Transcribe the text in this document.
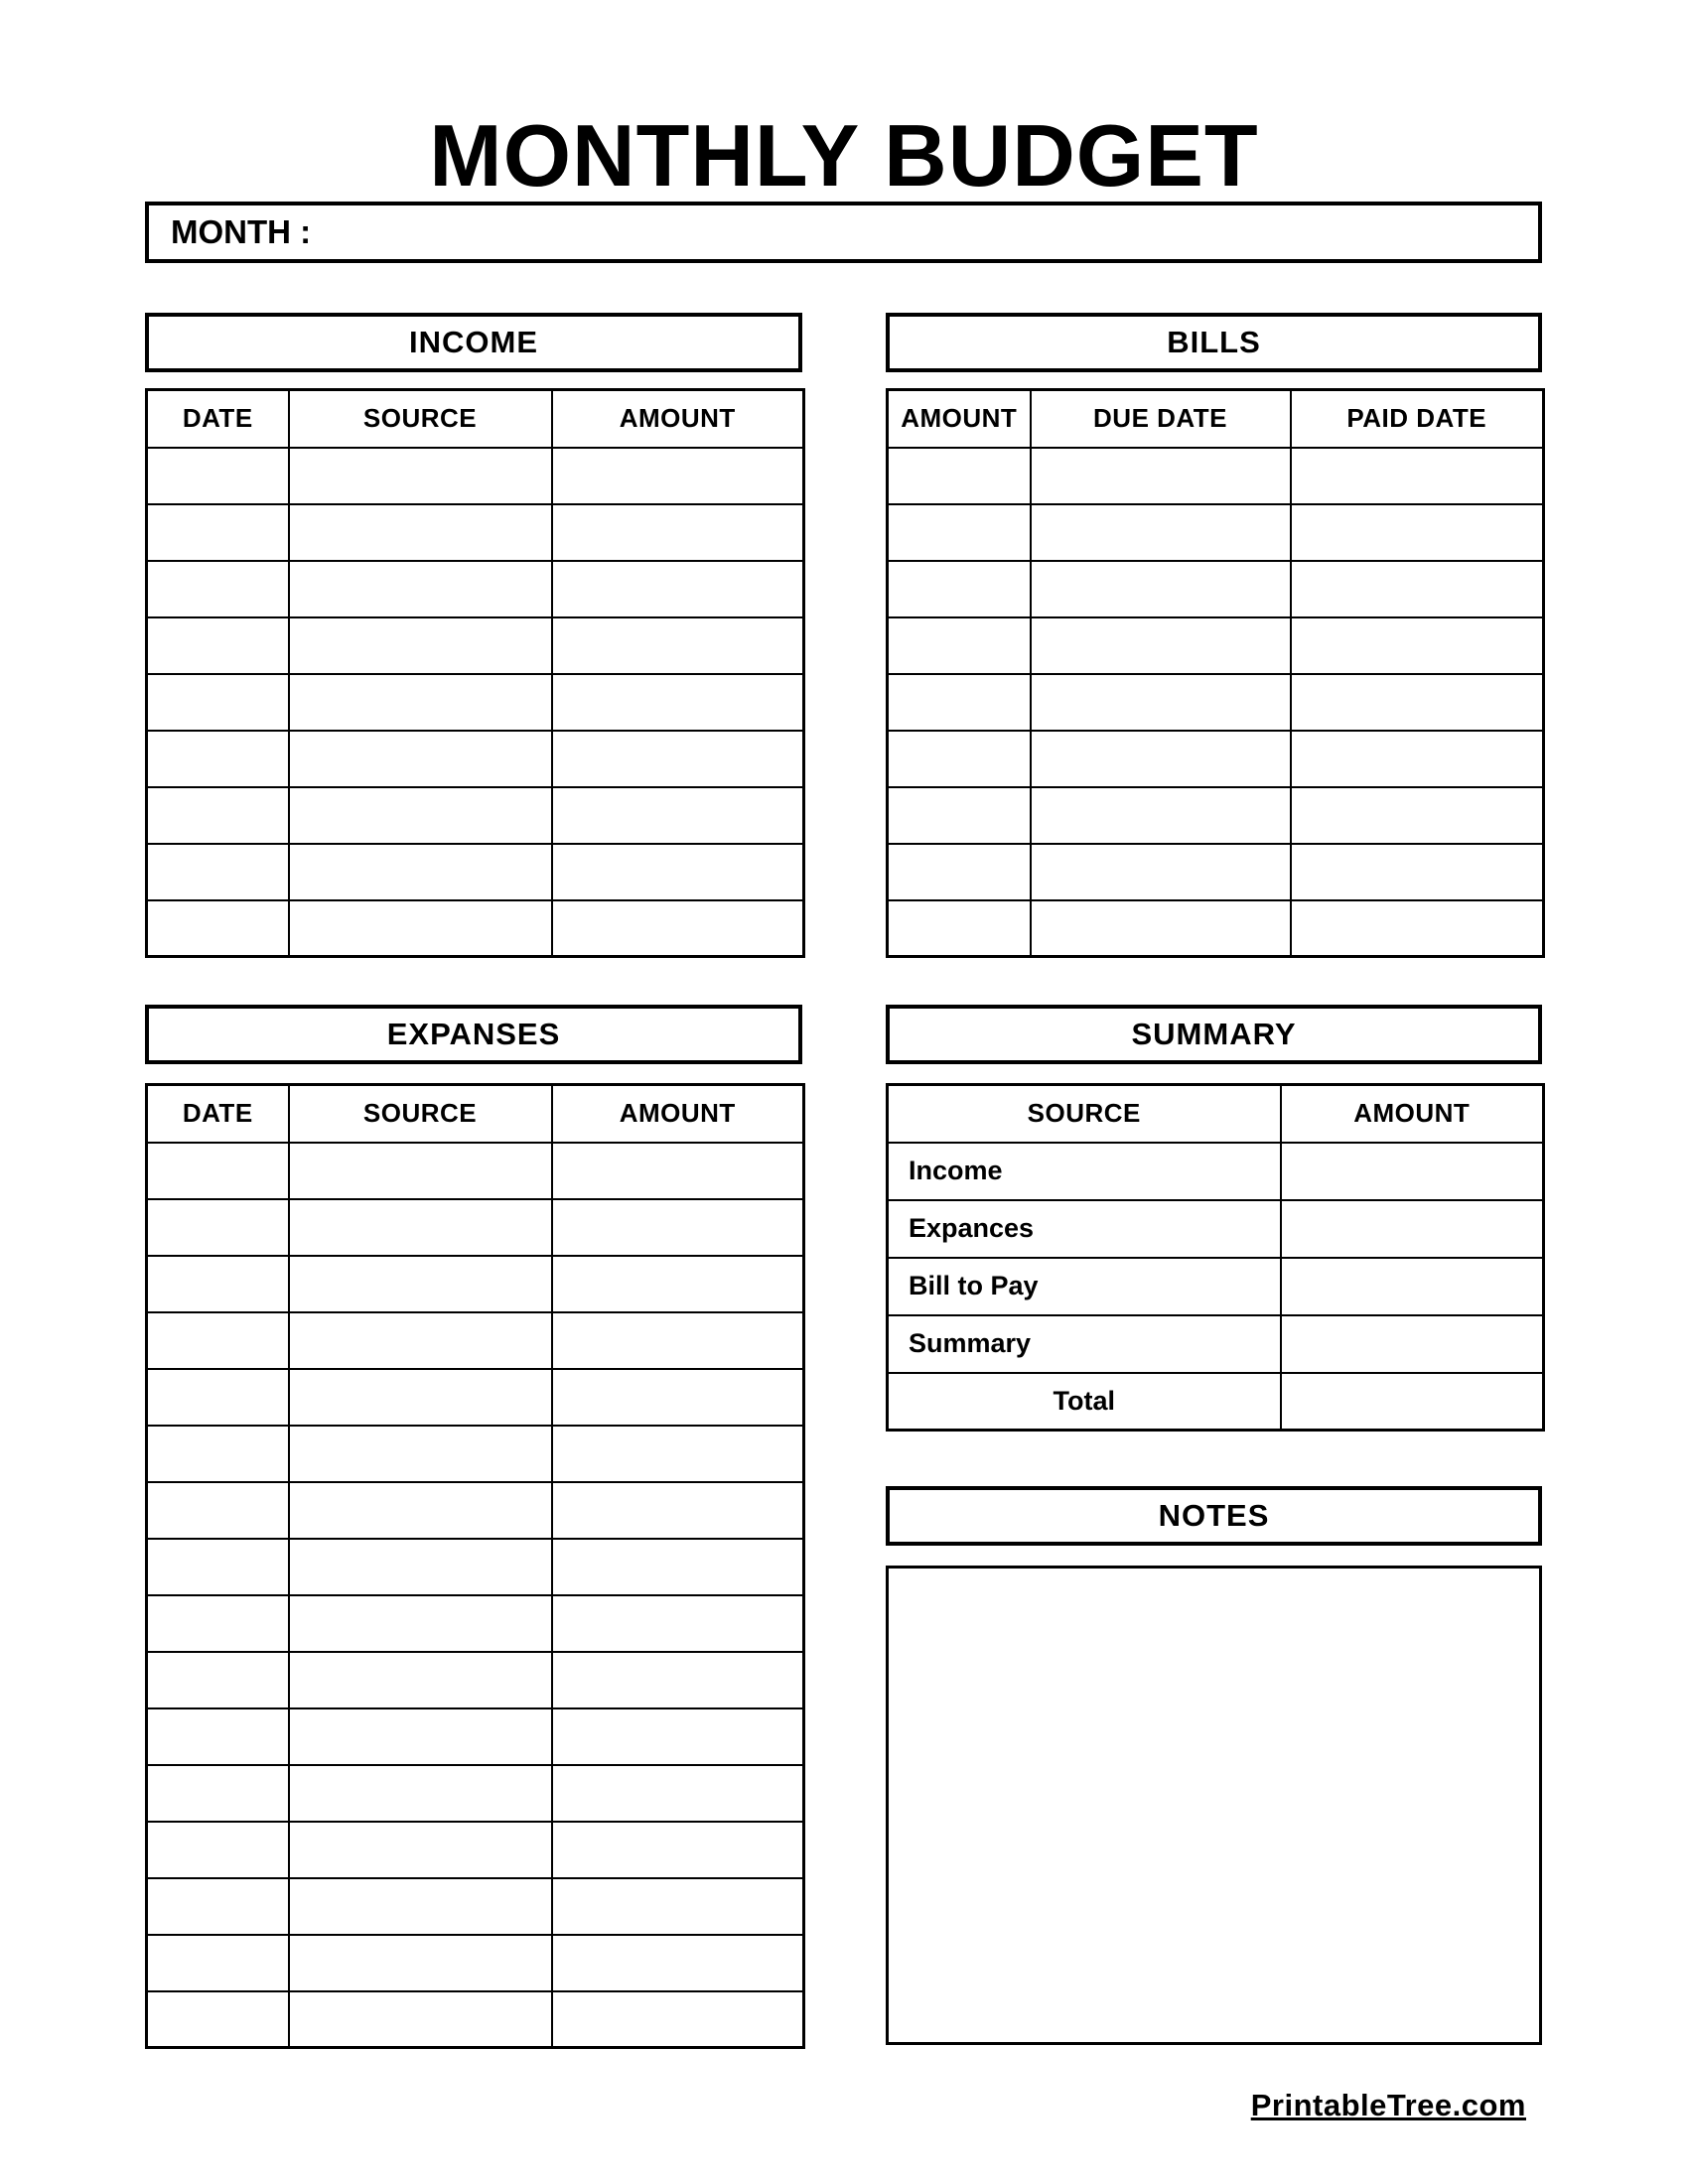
MONTHLY BUDGET
MONTH :
INCOME
DATE	SOURCE	AMOUNT

BILLS
AMOUNT	DUE DATE	PAID DATE

EXPANSES
DATE	SOURCE	AMOUNT

SUMMARY
SOURCE	AMOUNT
Income	
Expances	
Bill to Pay	
Summary	
Total	
NOTES
PrintableTree.com
